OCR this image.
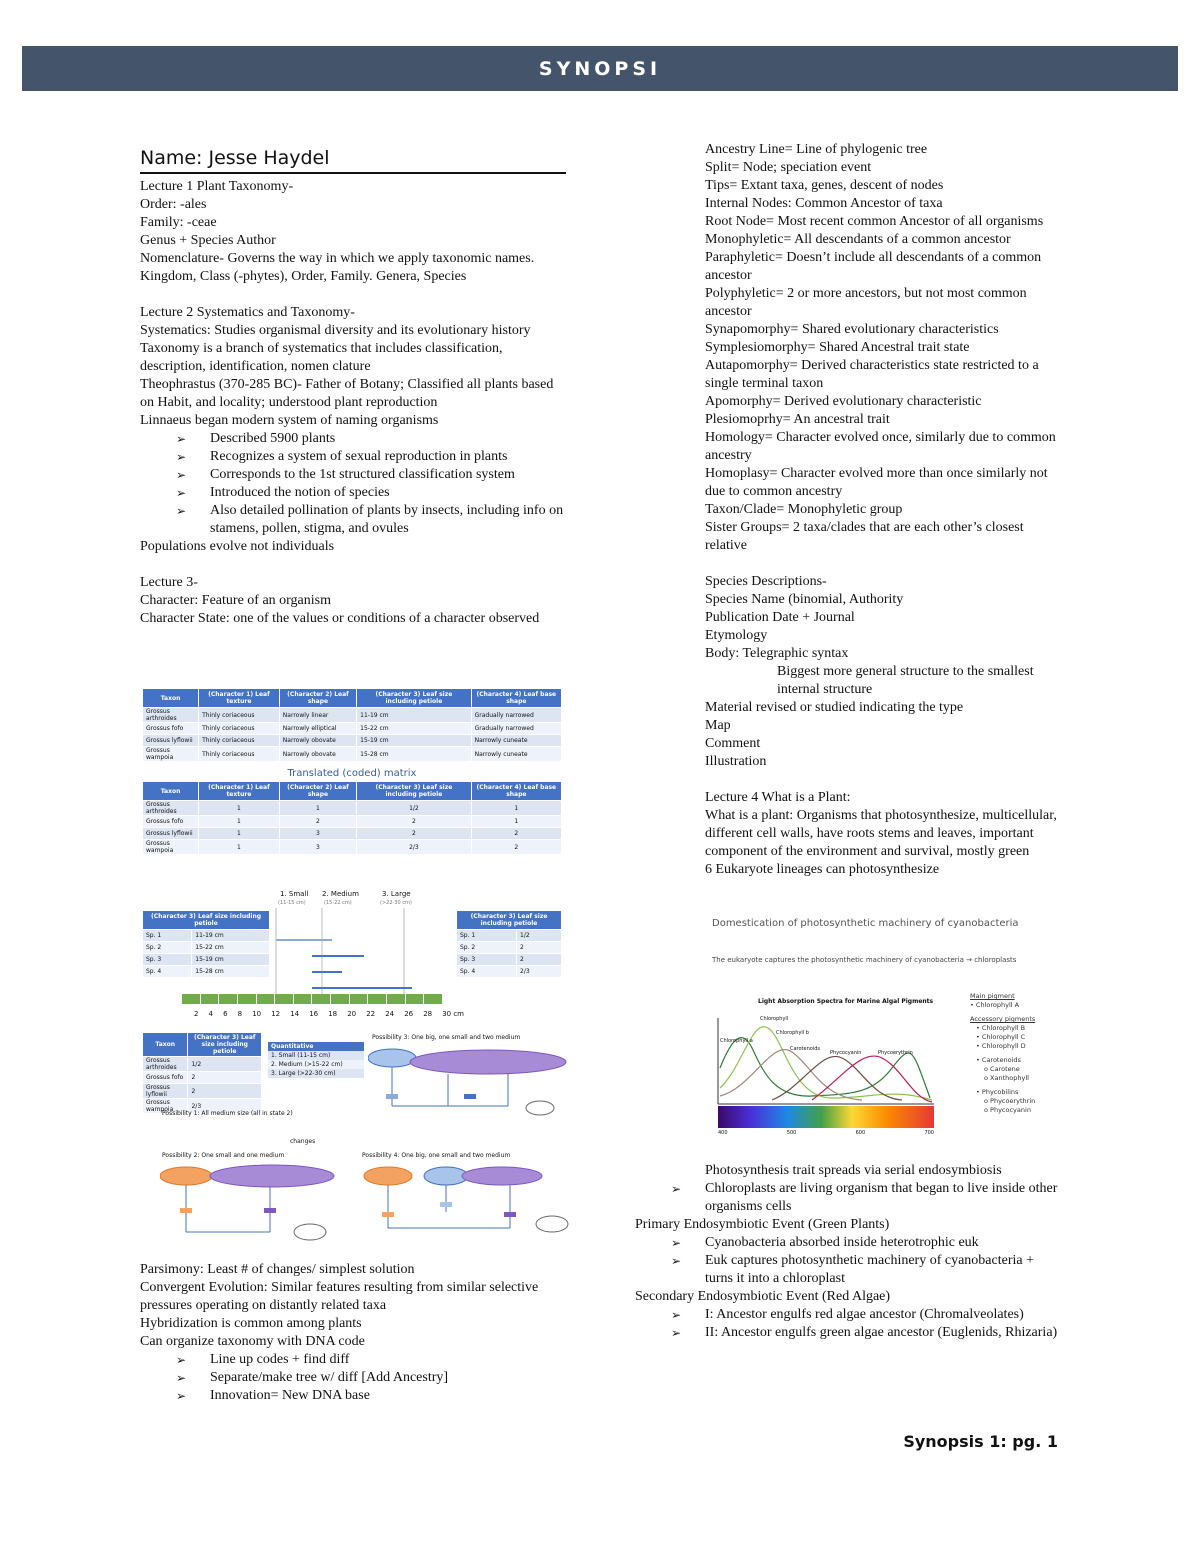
SYNOPSI
Name: Jesse Haydel

Lecture 1 Plant Taxonomy-

Order: -ales

Family: -ceae

Genus + Species Author

Nomenclature- Governs the way in which we apply taxonomic names.

Kingdom, Class (-phytes), Order, Family. Genera, Species

Lecture 2 Systematics and Taxonomy-

Systematics: Studies organismal diversity and its evolutionary history

Taxonomy is a branch of systematics that includes classification, description, identification, nomen clature

Theophrastus (370-285 BC)- Father of Botany; Classified all plants based on Habit, and locality; understood plant reproduction

Linnaeus began modern system of naming organisms

➢ Described 5900 plants
➢ Recognizes a system of sexual reproduction in plants
➢ Corresponds to the 1st structured classification system
➢ Introduced the notion of species
➢ Also detailed pollination of plants by insects, including info on stamens, pollen, stigma, and ovules

Populations evolve not individuals

Lecture 3-

Character: Feature of an organism

Character State: one of the values or conditions of a character observed

Taxon	(Character 1) Leaf texture	(Character 2) Leaf shape	(Character 3) Leaf size including petiole	(Character 4) Leaf base shape
Grossus arthroides	Thinly coriaceous	Narrowly linear	11-19 cm	Gradually narrowed
Grossus fofo	Thinly coriaceous	Narrowly elliptical	15-22 cm	Gradually narrowed
Grossus lyflowii	Thinly coriaceous	Narrowly obovate	15-19 cm	Narrowly cuneate
Grossus wampoia	Thinly coriaceous	Narrowly obovate	15-28 cm	Narrowly cuneate
Translated (coded) matrix
Taxon	(Character 1) Leaf texture	(Character 2) Leaf shape	(Character 3) Leaf size including petiole	(Character 4) Leaf base shape
Grossus arthroides	1	1	1/2	1
Grossus fofo	1	2	2	1
Grossus lyflowii	1	3	2	2
Grossus wampoia	1	3	2/3	2
1. Small 2. Medium	3. Large
(11-15 cm)	(15-22 cm)	(>22-30 cm)
(Character 3) Leaf size including petiole	
Sp. 1	11-19 cm
Sp. 2	15-22 cm
Sp. 3	15-19 cm
Sp. 4	15-28 cm
(Character 3) Leaf size including petiole	
Sp. 1	1/2
Sp. 2	2
Sp. 3	2
Sp. 4	2/3
2 4 6 8 10 12 14 16 18 20 22 24 26 28 30 cm
Taxon	(Character 3) Leaf size including petiole
Grossus arthroides	1/2
Grossus fofo	2
Grossus lyflowii	2
Grossus wampoia	2/3
Quantitative
1. Small (11-15 cm)
2. Medium (>15-22 cm)
3. Large (>22-30 cm)
Possibility 1: All medium size (all in state 2)
Possibility 3: One big, one small and two medium
changes
Possibility 2: One small and one medium	Possibility 4: One big, one small and two medium

Parsimony: Least # of changes/ simplest solution

Convergent Evolution: Similar features resulting from similar selective pressures operating on distantly related taxa

Hybridization is common among plants

Can organize taxonomy with DNA code

➢ Line up codes + find diff
➢ Separate/make tree w/ diff [Add Ancestry]
➢ Innovation= New DNA base

Ancestry Line= Line of phylogenic tree

Split= Node; speciation event

Tips= Extant taxa, genes, descent of nodes

Internal Nodes: Common Ancestor of taxa

Root Node= Most recent common Ancestor of all organisms

Monophyletic= All descendants of a common ancestor

Paraphyletic= Doesn’t include all descendants of a common ancestor

Polyphyletic= 2 or more ancestors, but not most common ancestor

Synapomorphy= Shared evolutionary characteristics

Symplesiomorphy= Shared Ancestral trait state

Autapomorphy= Derived characteristics state restricted to a single terminal taxon

Apomorphy= Derived evolutionary characteristic

Plesiomoprhy= An ancestral trait

Homology= Character evolved once, similarly due to common ancestry

Homoplasy= Character evolved more than once similarly not due to common ancestry

Taxon/Clade= Monophyletic group

Sister Groups= 2 taxa/clades that are each other’s closest relative

Species Descriptions-

Species Name (binomial, Authority

Publication Date + Journal

Etymology

Body: Telegraphic syntax

Biggest more general structure to the smallest internal structure

Material revised or studied indicating the type

Map

Comment

Illustration

Lecture 4 What is a Plant:

What is a plant: Organisms that photosynthesize, multicellular, different cell walls, have roots stems and leaves, important component of the environment and survival, mostly green

6 Eukaryote lineages can photosynthesize

Domestication of photosynthetic machinery of cyanobacteria
The eukaryote captures the photosynthetic machinery of cyanobacteria → chloroplasts
Light Absorption Spectra for Marine Algal Pigments
Chlorophyll
Chlorophyll b
Carotenoids
Phycocyanin	Phycoerythrin
Chlorophyll a
400	500	600	700
Main pigment
• Chlorophyll A
Accessory pigments
• Chlorophyll B
• Chlorophyll C
• Chlorophyll D
• Carotenoids
o Carotene
o Xanthophyll
• Phycobilins
o Phycoerythrin
o Phycocyanin

Photosynthesis trait spreads via serial endosymbiosis

➢ Chloroplasts are living organism that began to live inside other organisms cells

Primary Endosymbiotic Event (Green Plants)

➢ Cyanobacteria absorbed inside heterotrophic euk
➢ Euk captures photosynthetic machinery of cyanobacteria + turns it into a chloroplast

Secondary Endosymbiotic Event (Red Algae)

➢ I: Ancestor engulfs red algae ancestor (Chromalveolates)
➢ II: Ancestor engulfs green algae ancestor (Euglenids, Rhizaria)
Synopsis 1: pg. 1
